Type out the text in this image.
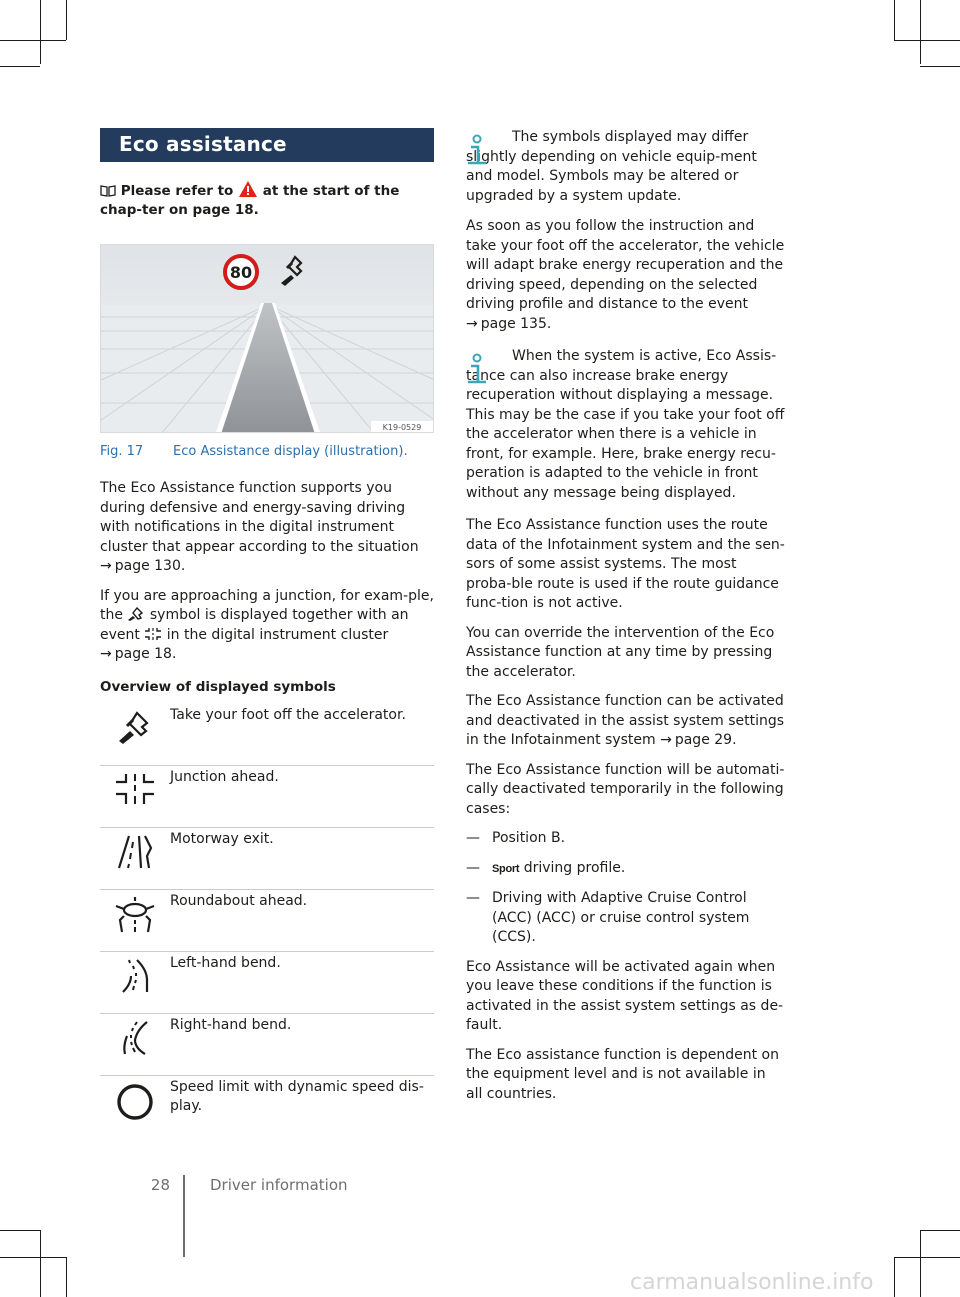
Eco assistance
Please refer to at the start of the chap-ter on page 18.
80
K19-0529
Fig. 17	Eco Assistance display (illustration).

The Eco Assistance function supports you during defensive and energy-saving driving with notifications in the digital instrument cluster that appear according to the situation → page 130.

If you are approaching a junction, for exam-ple, the symbol is displayed together with an event in the digital instrument cluster
→ page 18.

Overview of displayed symbols
Take your foot off the accelerator.
Junction ahead.
Motorway exit.
Roundabout ahead.
Left-hand bend.
Right-hand bend.
Speed limit with dynamic speed dis-play.

The symbols displayed may differ slightly depending on vehicle equip-ment and model. Symbols may be altered or upgraded by a system update.

As soon as you follow the instruction and take your foot off the accelerator, the vehicle will adapt brake energy recuperation and the driving speed, depending on the selected driving profile and distance to the event
→ page 135.

When the system is active, Eco Assis-tance can also increase brake energy recuperation without displaying a message. This may be the case if you take your foot off the accelerator when there is a vehicle in front, for example. Here, brake energy recu-peration is adapted to the vehicle in front without any message being displayed.

The Eco Assistance function uses the route data of the Infotainment system and the sen-sors of some assist systems. The most proba-ble route is used if the route guidance func-tion is not active.

You can override the intervention of the Eco Assistance function at any time by pressing the accelerator.

The Eco Assistance function can be activated and deactivated in the assist system settings in the Infotainment system → page 29.

The Eco Assistance function will be automati-cally deactivated temporarily in the following cases:

— Position B.
—	Sport driving profile.
— Driving with Adaptive Cruise Control (ACC) (ACC) or cruise control system (CCS).

Eco Assistance will be activated again when you leave these conditions if the function is activated in the assist system settings as de-fault.

The Eco assistance function is dependent on the equipment level and is not available in all countries.

28	Driver information
carmanualsonline.info
